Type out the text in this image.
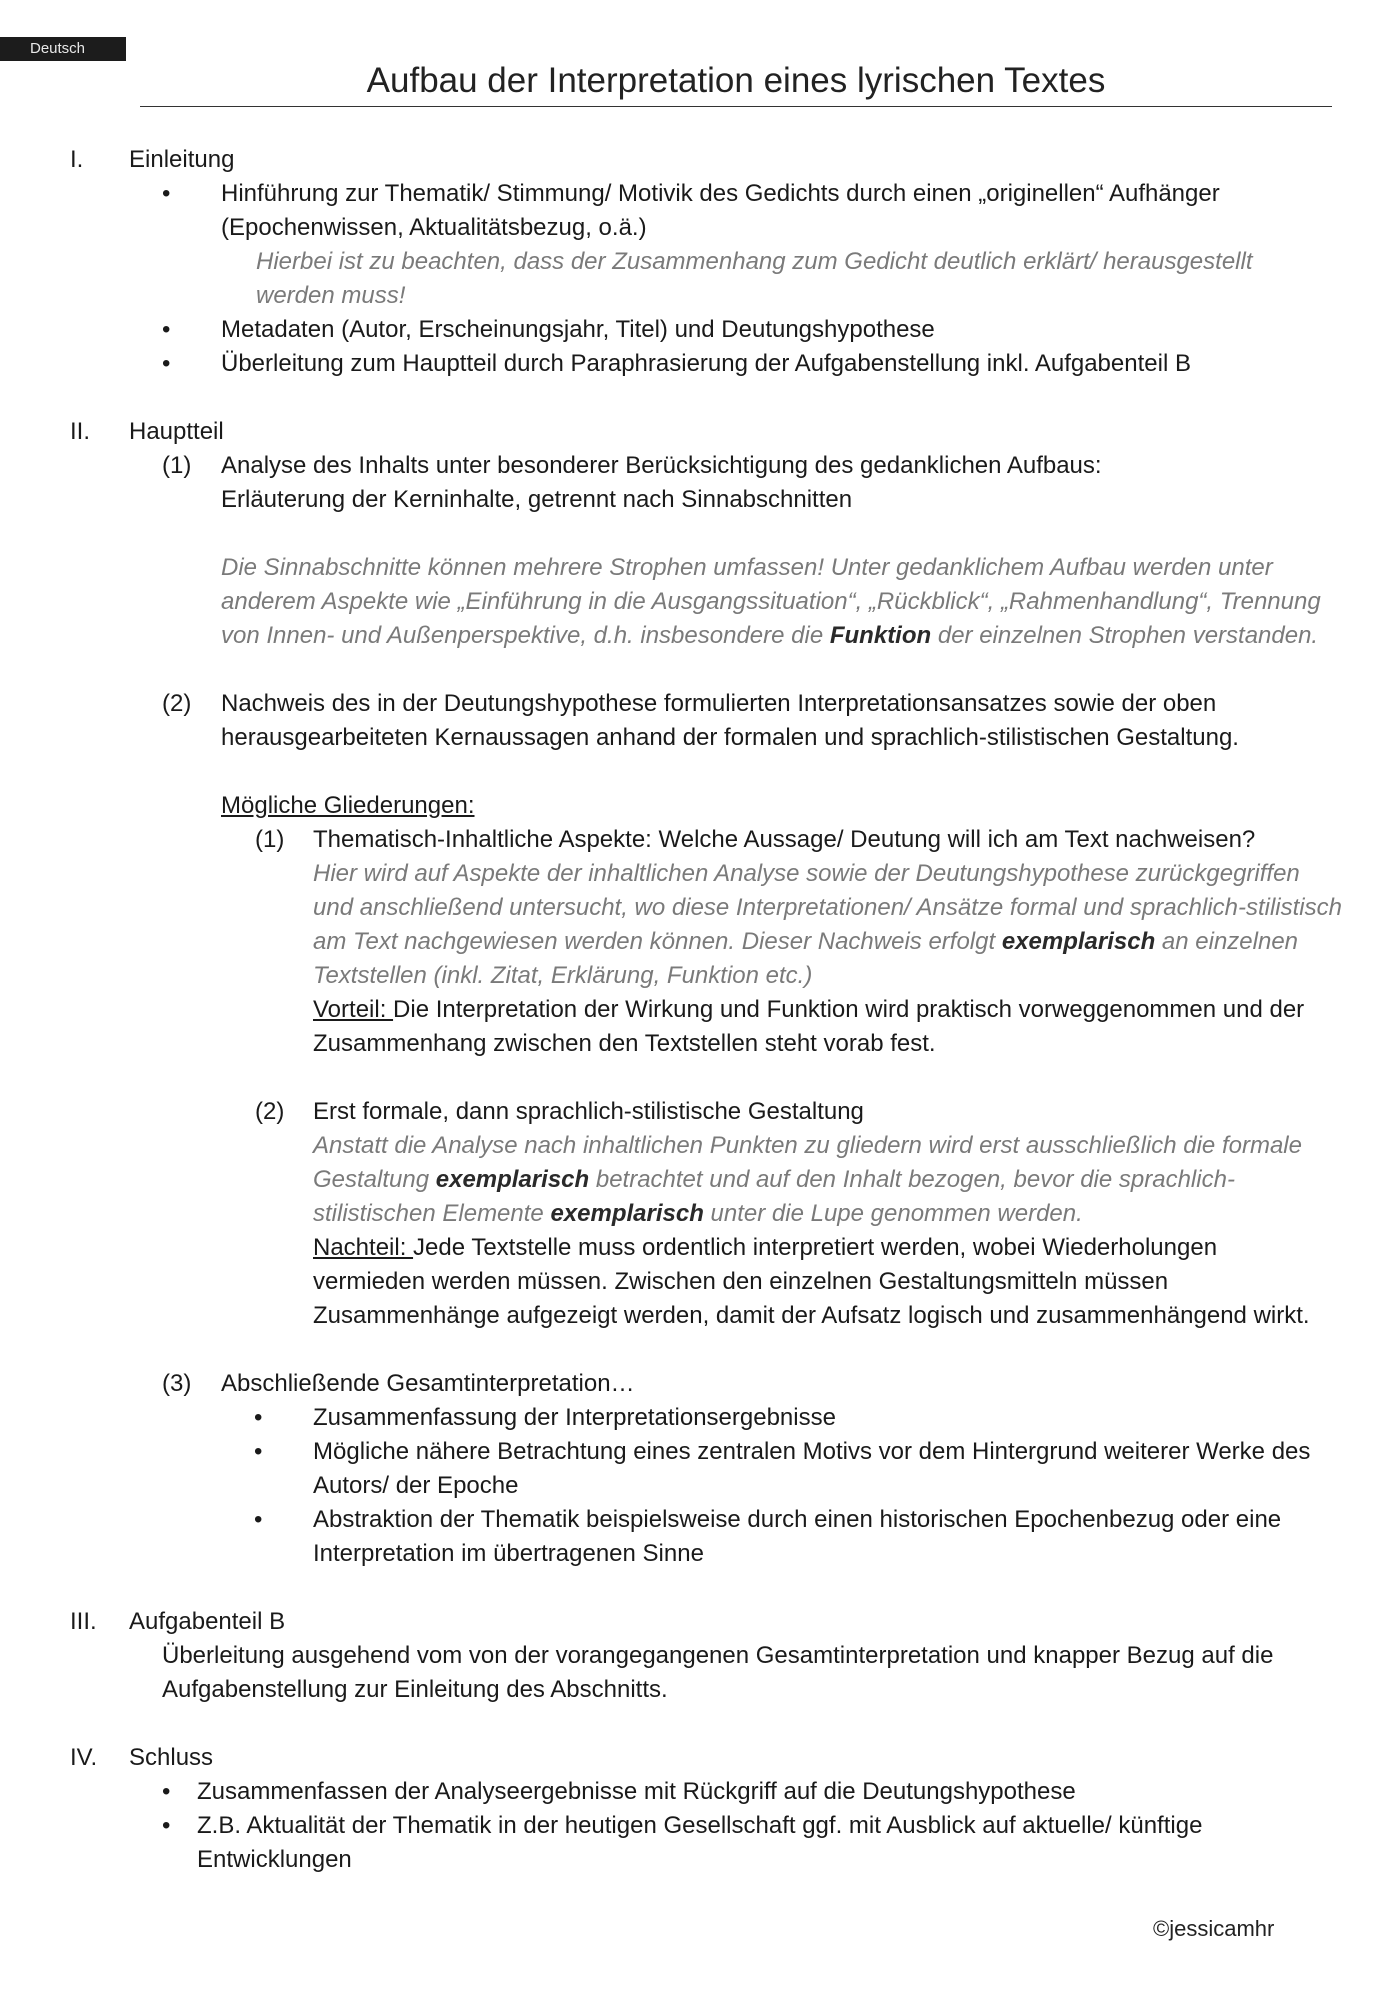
Deutsch
Aufbau der Interpretation eines lyrischen Textes
I. Einleitung
• Hinführung zur Thematik/ Stimmung/ Motivik des Gedichts durch einen „originellen“ Aufhänger (Epochenwissen, Aktualitätsbezug, o.ä.)
Hierbei ist zu beachten, dass der Zusammenhang zum Gedicht deutlich erklärt/ herausgestellt werden muss!
• Metadaten (Autor, Erscheinungsjahr, Titel) und Deutungshypothese
• Überleitung zum Hauptteil durch Paraphrasierung der Aufgabenstellung inkl. Aufgabenteil B
II. Hauptteil
(1) Analyse des Inhalts unter besonderer Berücksichtigung des gedanklichen Aufbaus:
Erläuterung der Kerninhalte, getrennt nach Sinnabschnitten
Die Sinnabschnitte können mehrere Strophen umfassen! Unter gedanklichem Aufbau werden unter anderem Aspekte wie „Einführung in die Ausgangssituation“, „Rückblick“, „Rahmenhandlung“, Trennung von Innen- und Außenperspektive, d.h. insbesondere die Funktion der einzelnen Strophen verstanden.
(2) Nachweis des in der Deutungshypothese formulierten Interpretationsansatzes sowie der oben herausgearbeiteten Kernaussagen anhand der formalen und sprachlich-stilistischen Gestaltung.
Mögliche Gliederungen:
(1) Thematisch-Inhaltliche Aspekte: Welche Aussage/ Deutung will ich am Text nachweisen?
Hier wird auf Aspekte der inhaltlichen Analyse sowie der Deutungshypothese zurückgegriffen und anschließend untersucht, wo diese Interpretationen/ Ansätze formal und sprachlich-stilistisch am Text nachgewiesen werden können. Dieser Nachweis erfolgt exemplarisch an einzelnen Textstellen (inkl. Zitat, Erklärung, Funktion etc.)
Vorteil: Die Interpretation der Wirkung und Funktion wird praktisch vorweggenommen und der Zusammenhang zwischen den Textstellen steht vorab fest.
(2) Erst formale, dann sprachlich-stilistische Gestaltung
Anstatt die Analyse nach inhaltlichen Punkten zu gliedern wird erst ausschließlich die formale Gestaltung exemplarisch betrachtet und auf den Inhalt bezogen, bevor die sprachlich-stilistischen Elemente exemplarisch unter die Lupe genommen werden.
Nachteil: Jede Textstelle muss ordentlich interpretiert werden, wobei Wiederholungen vermieden werden müssen. Zwischen den einzelnen Gestaltungsmitteln müssen Zusammenhänge aufgezeigt werden, damit der Aufsatz logisch und zusammenhängend wirkt.
(3) Abschließende Gesamtinterpretation…
• Zusammenfassung der Interpretationsergebnisse
• Mögliche nähere Betrachtung eines zentralen Motivs vor dem Hintergrund weiterer Werke des Autors/ der Epoche
• Abstraktion der Thematik beispielsweise durch einen historischen Epochenbezug oder eine Interpretation im übertragenen Sinne
III. Aufgabenteil B
Überleitung ausgehend vom von der vorangegangenen Gesamtinterpretation und knapper Bezug auf die Aufgabenstellung zur Einleitung des Abschnitts.
IV. Schluss
• Zusammenfassen der Analyseergebnisse mit Rückgriff auf die Deutungshypothese
• Z.B. Aktualität der Thematik in der heutigen Gesellschaft ggf. mit Ausblick auf aktuelle/ künftige Entwicklungen
©jessicamhr
